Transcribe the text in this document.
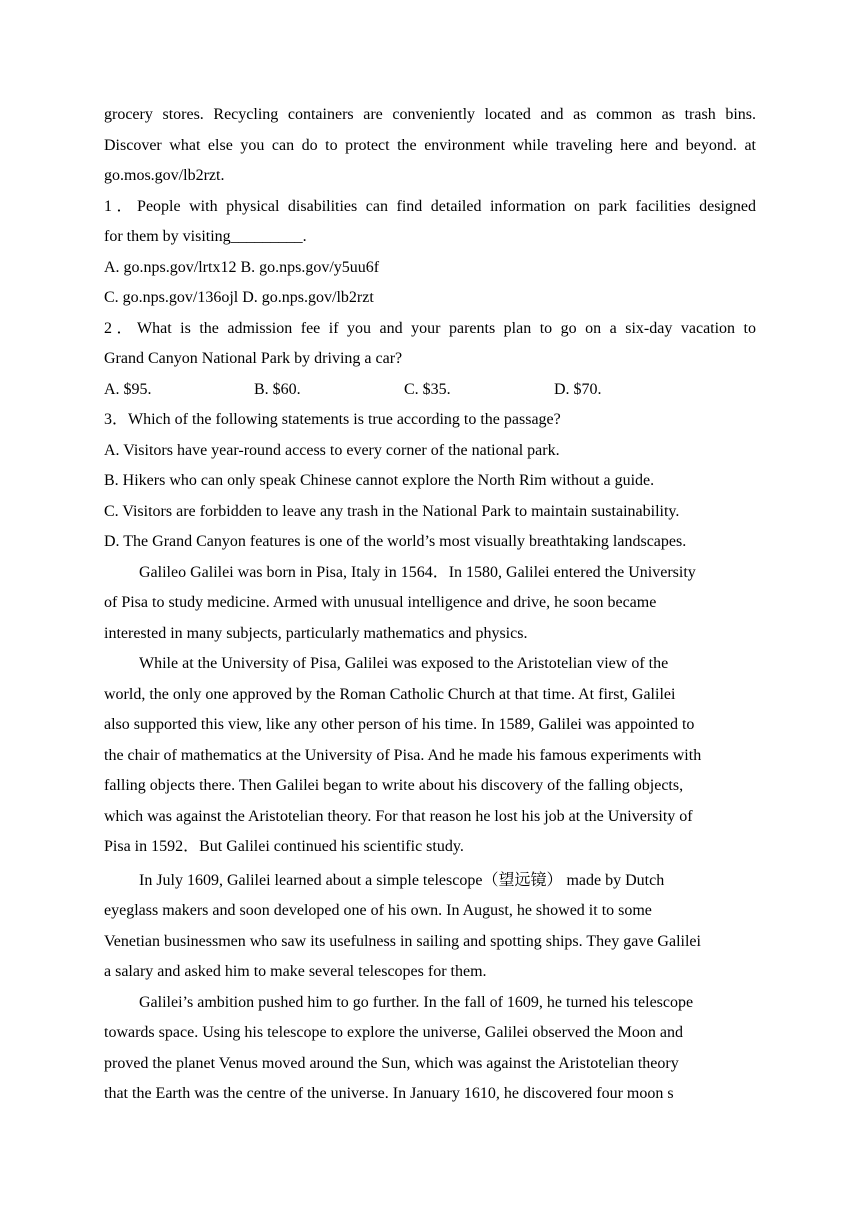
grocery stores. Recycling containers are conveniently located and as common as trash bins.
Discover what else you can do to protect the environment while traveling here and beyond. at
go.mos.gov/lb2rzt.
1．People with physical disabilities can find detailed information on park facilities designed
for them by visiting_________.
A. go.nps.gov/lrtx12 B. go.nps.gov/y5uu6f
C. go.nps.gov/136ojl D. go.nps.gov/lb2rzt
2．What is the admission fee if you and your parents plan to go on a six-day vacation to
Grand Canyon National Park by driving a car?
A. $95.	B. $60.	C. $35.	D. $70.
3．Which of the following statements is true according to the passage?
A. Visitors have year-round access to every corner of the national park.
B. Hikers who can only speak Chinese cannot explore the North Rim without a guide.
C. Visitors are forbidden to leave any trash in the National Park to maintain sustainability.
D. The Grand Canyon features is one of the world’s most visually breathtaking landscapes.
Galileo Galilei was born in Pisa, Italy in 1564．In 1580, Galilei entered the University
of Pisa to study medicine. Armed with unusual intelligence and drive, he soon became
interested in many subjects, particularly mathematics and physics.
While at the University of Pisa, Galilei was exposed to the Aristotelian view of the
world, the only one approved by the Roman Catholic Church at that time. At first, Galilei
also supported this view, like any other person of his time. In 1589, Galilei was appointed to
the chair of mathematics at the University of Pisa. And he made his famous experiments with
falling objects there. Then Galilei began to write about his discovery of the falling objects,
which was against the Aristotelian theory. For that reason he lost his job at the University of
Pisa in 1592．But Galilei continued his scientific study.
In July 1609, Galilei learned about a simple telescope（望远镜） made by Dutch
eyeglass makers and soon developed one of his own. In August, he showed it to some
Venetian businessmen who saw its usefulness in sailing and spotting ships. They gave Galilei
a salary and asked him to make several telescopes for them.
Galilei’s ambition pushed him to go further. In the fall of 1609, he turned his telescope
towards space. Using his telescope to explore the universe, Galilei observed the Moon and
proved the planet Venus moved around the Sun, which was against the Aristotelian theory
that the Earth was the centre of the universe. In January 1610, he discovered four moon s
